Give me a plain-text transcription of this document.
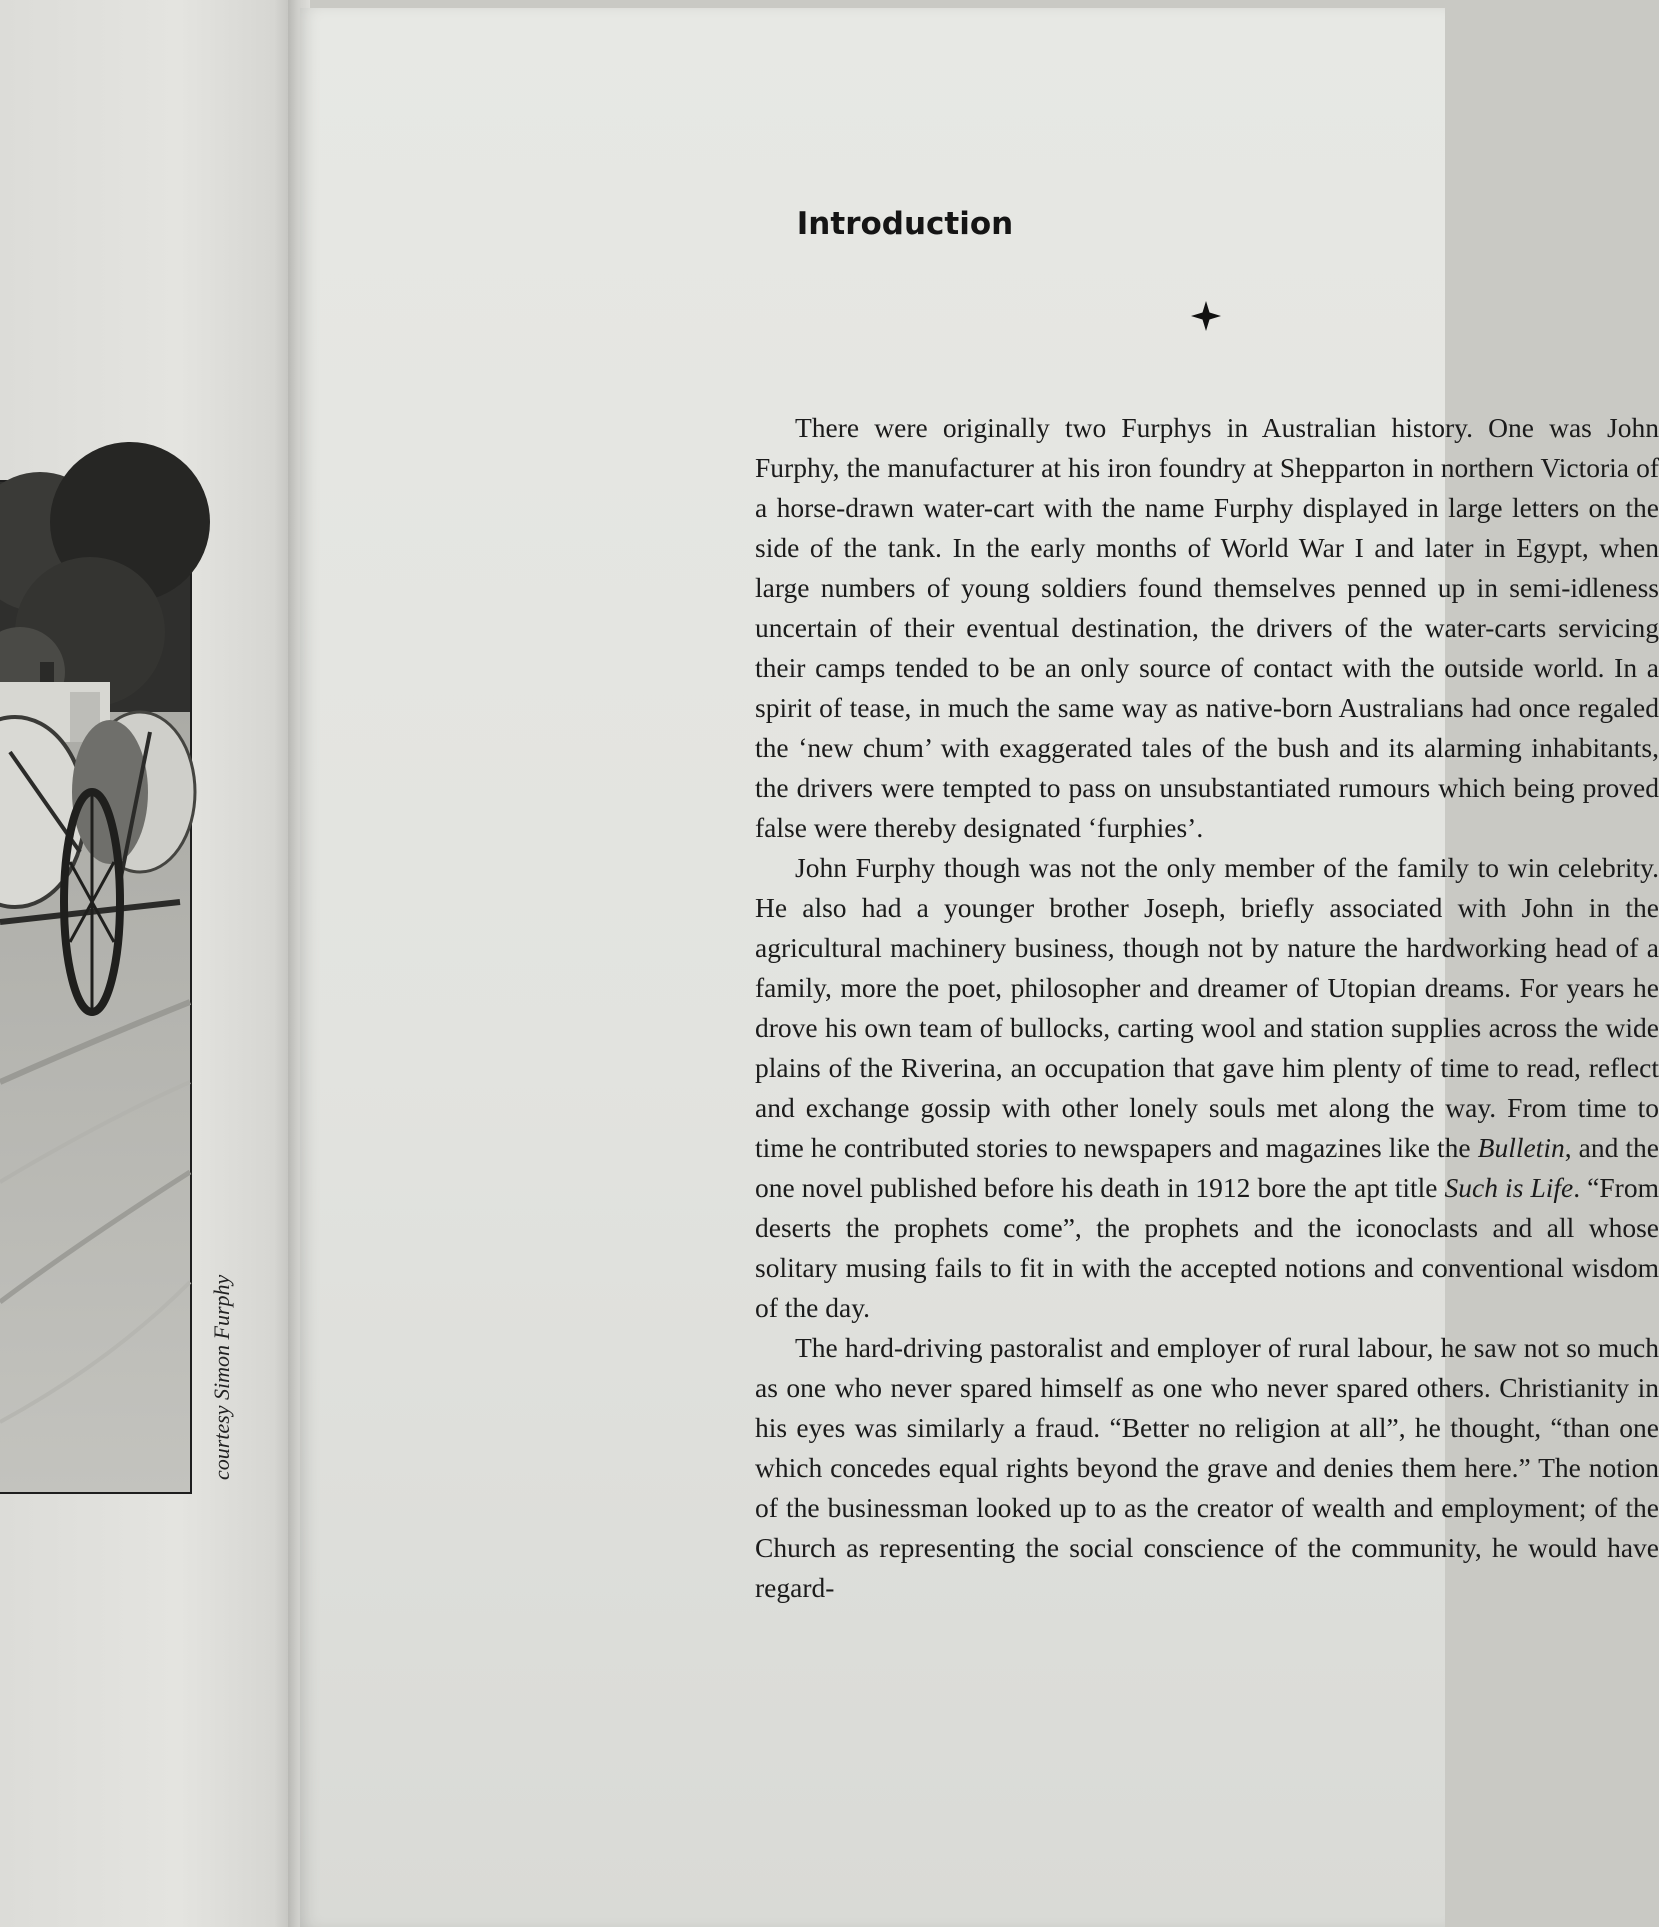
courtesy Simon Furphy
Introduction

There were originally two Furphys in Australian history. One was John Furphy, the manufacturer at his iron foundry at Shepparton in northern Victoria of a horse-drawn water-cart with the name Furphy displayed in large letters on the side of the tank. In the early months of World War I and later in Egypt, when large numbers of young soldiers found themselves penned up in semi-idleness uncertain of their eventual destination, the drivers of the water-carts servicing their camps tended to be an only source of contact with the outside world. In a spirit of tease, in much the same way as native-born Australians had once regaled the ‘new chum’ with exaggerated tales of the bush and its alarming inhabitants, the drivers were tempted to pass on unsubstantiated rumours which being proved false were thereby designated ‘furphies’.

John Furphy though was not the only member of the family to win celebrity. He also had a younger brother Joseph, briefly associated with John in the agricultural machinery business, though not by nature the hardworking head of a family, more the poet, philosopher and dreamer of Utopian dreams. For years he drove his own team of bullocks, carting wool and station supplies across the wide plains of the Riverina, an occupation that gave him plenty of time to read, reflect and exchange gossip with other lonely souls met along the way. From time to time he contributed stories to newspapers and magazines like the Bulletin, and the one novel published before his death in 1912 bore the apt title Such is Life. “From deserts the prophets come”, the prophets and the iconoclasts and all whose solitary musing fails to fit in with the accepted notions and conventional wisdom of the day.

The hard-driving pastoralist and employer of rural labour, he saw not so much as one who never spared himself as one who never spared others. Christianity in his eyes was similarly a fraud. “Better no religion at all”, he thought, “than one which concedes equal rights beyond the grave and denies them here.” The notion of the businessman looked up to as the creator of wealth and employment; of the Church as representing the social conscience of the community, he would have regard-
